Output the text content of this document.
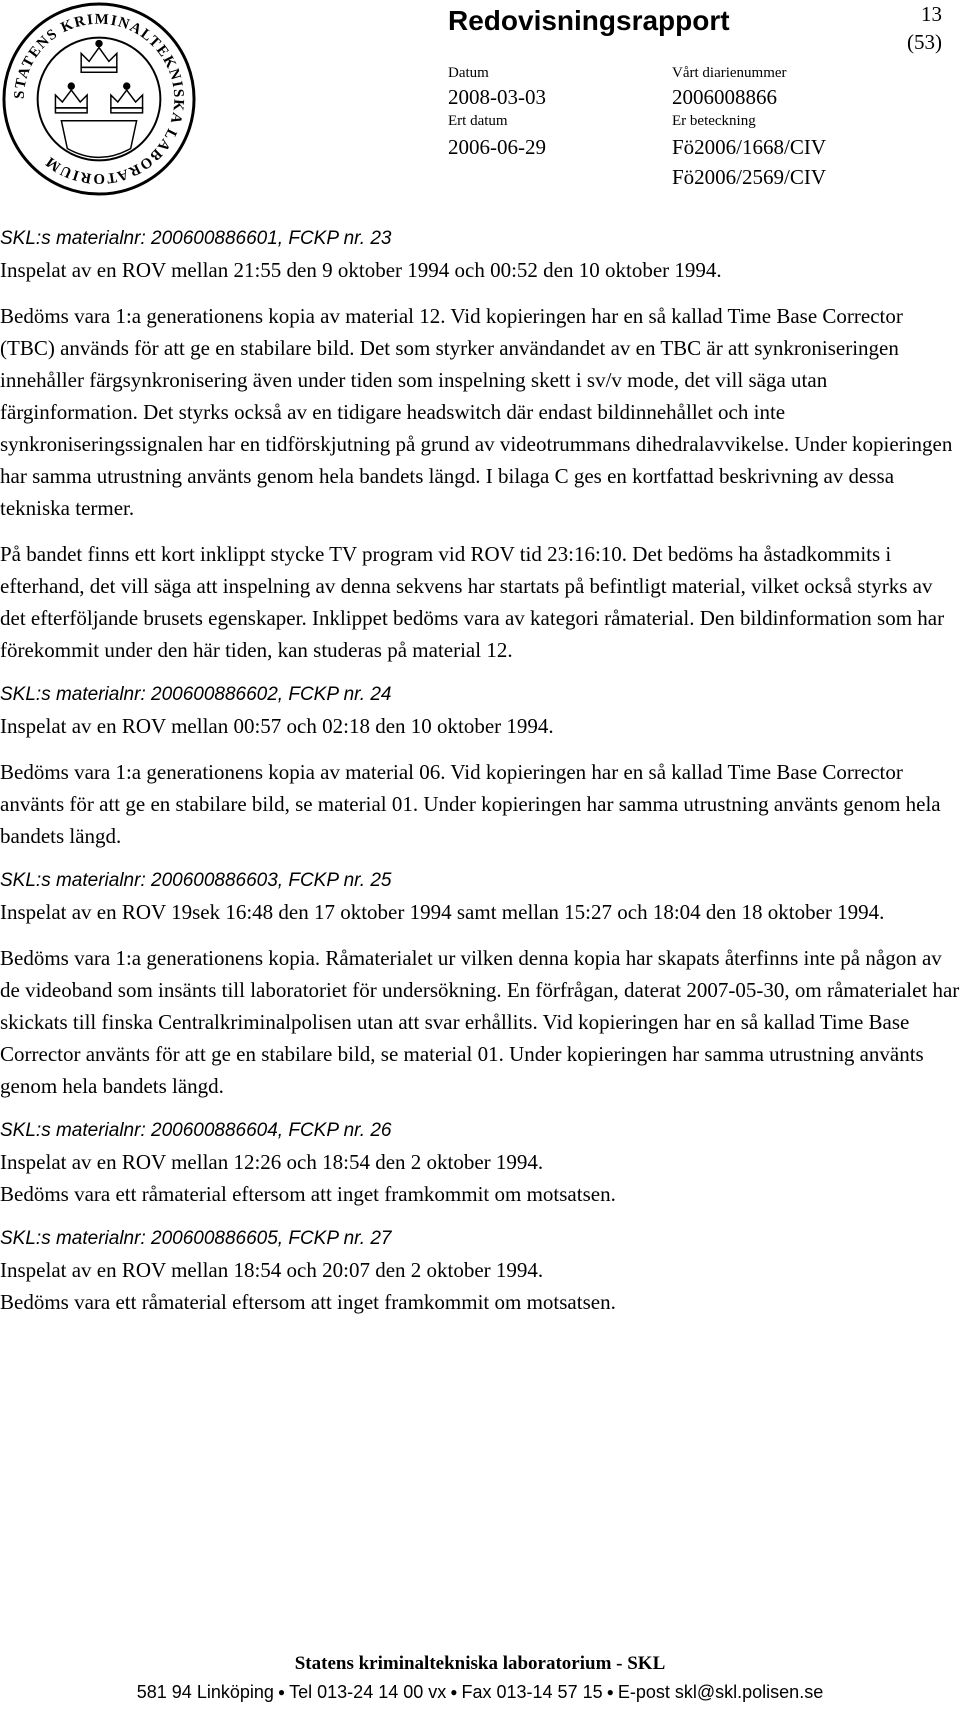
STATENS KRIMINALTEKNISKA LABORATORIUM
Redovisningsrapport	13
(53)
Datum
2008-03-03
Ert datum
2006-06-29
Vårt diarienummer
2006008866
Er beteckning
Fö2006/1668/CIV
Fö2006/2569/CIV

SKL:s materialnr: 200600886601, FCKP nr. 23

Inspelat av en ROV mellan 21:55 den 9 oktober 1994 och 00:52 den 10 oktober 1994.

Bedöms vara 1:a generationens kopia av material 12. Vid kopieringen har en så kallad Time Base Corrector (TBC) används för att ge en stabilare bild. Det som styrker användandet av en TBC är att synkroniseringen innehåller färgsynkronisering även under tiden som inspelning skett i sv/v mode, det vill säga utan färginformation. Det styrks också av en tidigare headswitch där endast bildinnehållet och inte synkroniseringssignalen har en tidförskjutning på grund av videotrummans dihedralavvikelse. Under kopieringen har samma utrustning använts genom hela bandets längd. I bilaga C ges en kortfattad beskrivning av dessa tekniska termer.

På bandet finns ett kort inklippt stycke TV program vid ROV tid 23:16:10. Det bedöms ha åstadkommits i efterhand, det vill säga att inspelning av denna sekvens har startats på befintligt material, vilket också styrks av det efterföljande brusets egenskaper. Inklippet bedöms vara av kategori råmaterial. Den bildinformation som har förekommit under den här tiden, kan studeras på material 12.

SKL:s materialnr: 200600886602, FCKP nr. 24

Inspelat av en ROV mellan 00:57 och 02:18 den 10 oktober 1994.

Bedöms vara 1:a generationens kopia av material 06. Vid kopieringen har en så kallad Time Base Corrector använts för att ge en stabilare bild, se material 01. Under kopieringen har samma utrustning använts genom hela bandets längd.

SKL:s materialnr: 200600886603, FCKP nr. 25

Inspelat av en ROV 19sek 16:48 den 17 oktober 1994 samt mellan 15:27 och 18:04 den 18 oktober 1994.

Bedöms vara 1:a generationens kopia. Råmaterialet ur vilken denna kopia har skapats återfinns inte på någon av de videoband som insänts till laboratoriet för undersökning. En förfrågan, daterat 2007-05-30, om råmaterialet har skickats till finska Centralkriminalpolisen utan att svar erhållits. Vid kopieringen har en så kallad Time Base Corrector använts för att ge en stabilare bild, se material 01. Under kopieringen har samma utrustning använts genom hela bandets längd.

SKL:s materialnr: 200600886604, FCKP nr. 26

Inspelat av en ROV mellan 12:26 och 18:54 den 2 oktober 1994.

Bedöms vara ett råmaterial eftersom att inget framkommit om motsatsen.

SKL:s materialnr: 200600886605, FCKP nr. 27

Inspelat av en ROV mellan 18:54 och 20:07 den 2 oktober 1994.

Bedöms vara ett råmaterial eftersom att inget framkommit om motsatsen.

Statens kriminaltekniska laboratorium - SKL
581 94 Linköping ● Tel 013-24 14 00 vx ● Fax 013-14 57 15 ● E-post skl@skl.polisen.se
